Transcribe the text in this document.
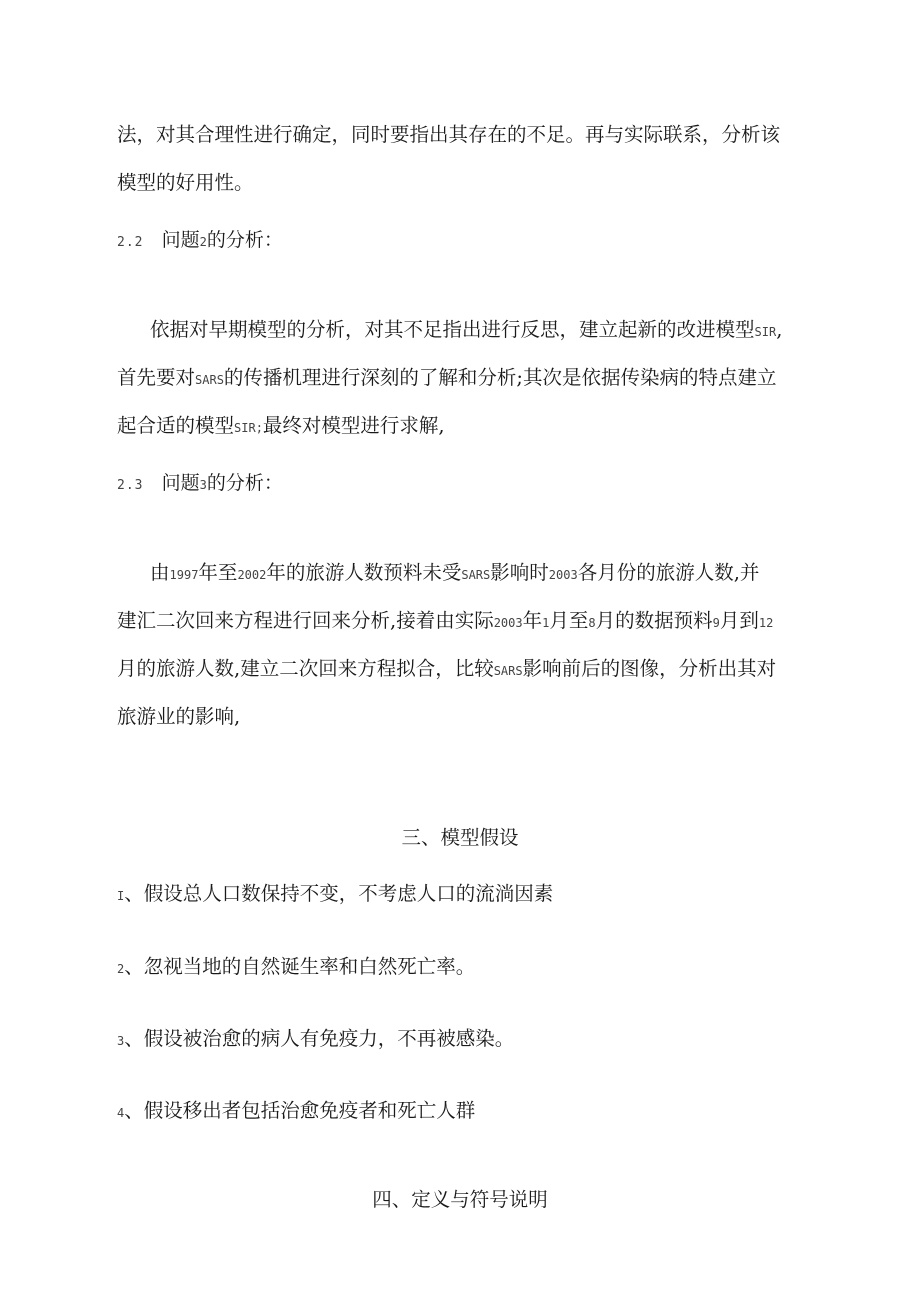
法，对其合理性进行确定，同时要指出其存在的不足。再与实际联系，分析该
模型的好用性。
2.2 问题2的分析：
依据对早期模型的分析，对其不足指出进行反思，建立起新的改进模型SIR,
首先要对SARS的传播机理进行深刻的了解和分析;其次是依据传染病的特点建立
起合适的模型SIR;最终对模型进行求解,
2.3 问题3的分析：
由1997年至2002年的旅游人数预料未受SARS影响时2003各月份的旅游人数,并
建汇二次回来方程进行回来分析,接着由实际2003年1月至8月的数据预料9月到12
月的旅游人数,建立二次回来方程拟合，比较SARS影响前后的图像，分析出其对
旅游业的影响,
三、模型假设
I、假设总人口数保持不变，不考虑人口的流淌因素
2、忽视当地的自然诞生率和白然死亡率。
3、假设被治愈的病人有免疫力，不再被感染。
4、假设移出者包括治愈免疫者和死亡人群
四、定义与符号说明
